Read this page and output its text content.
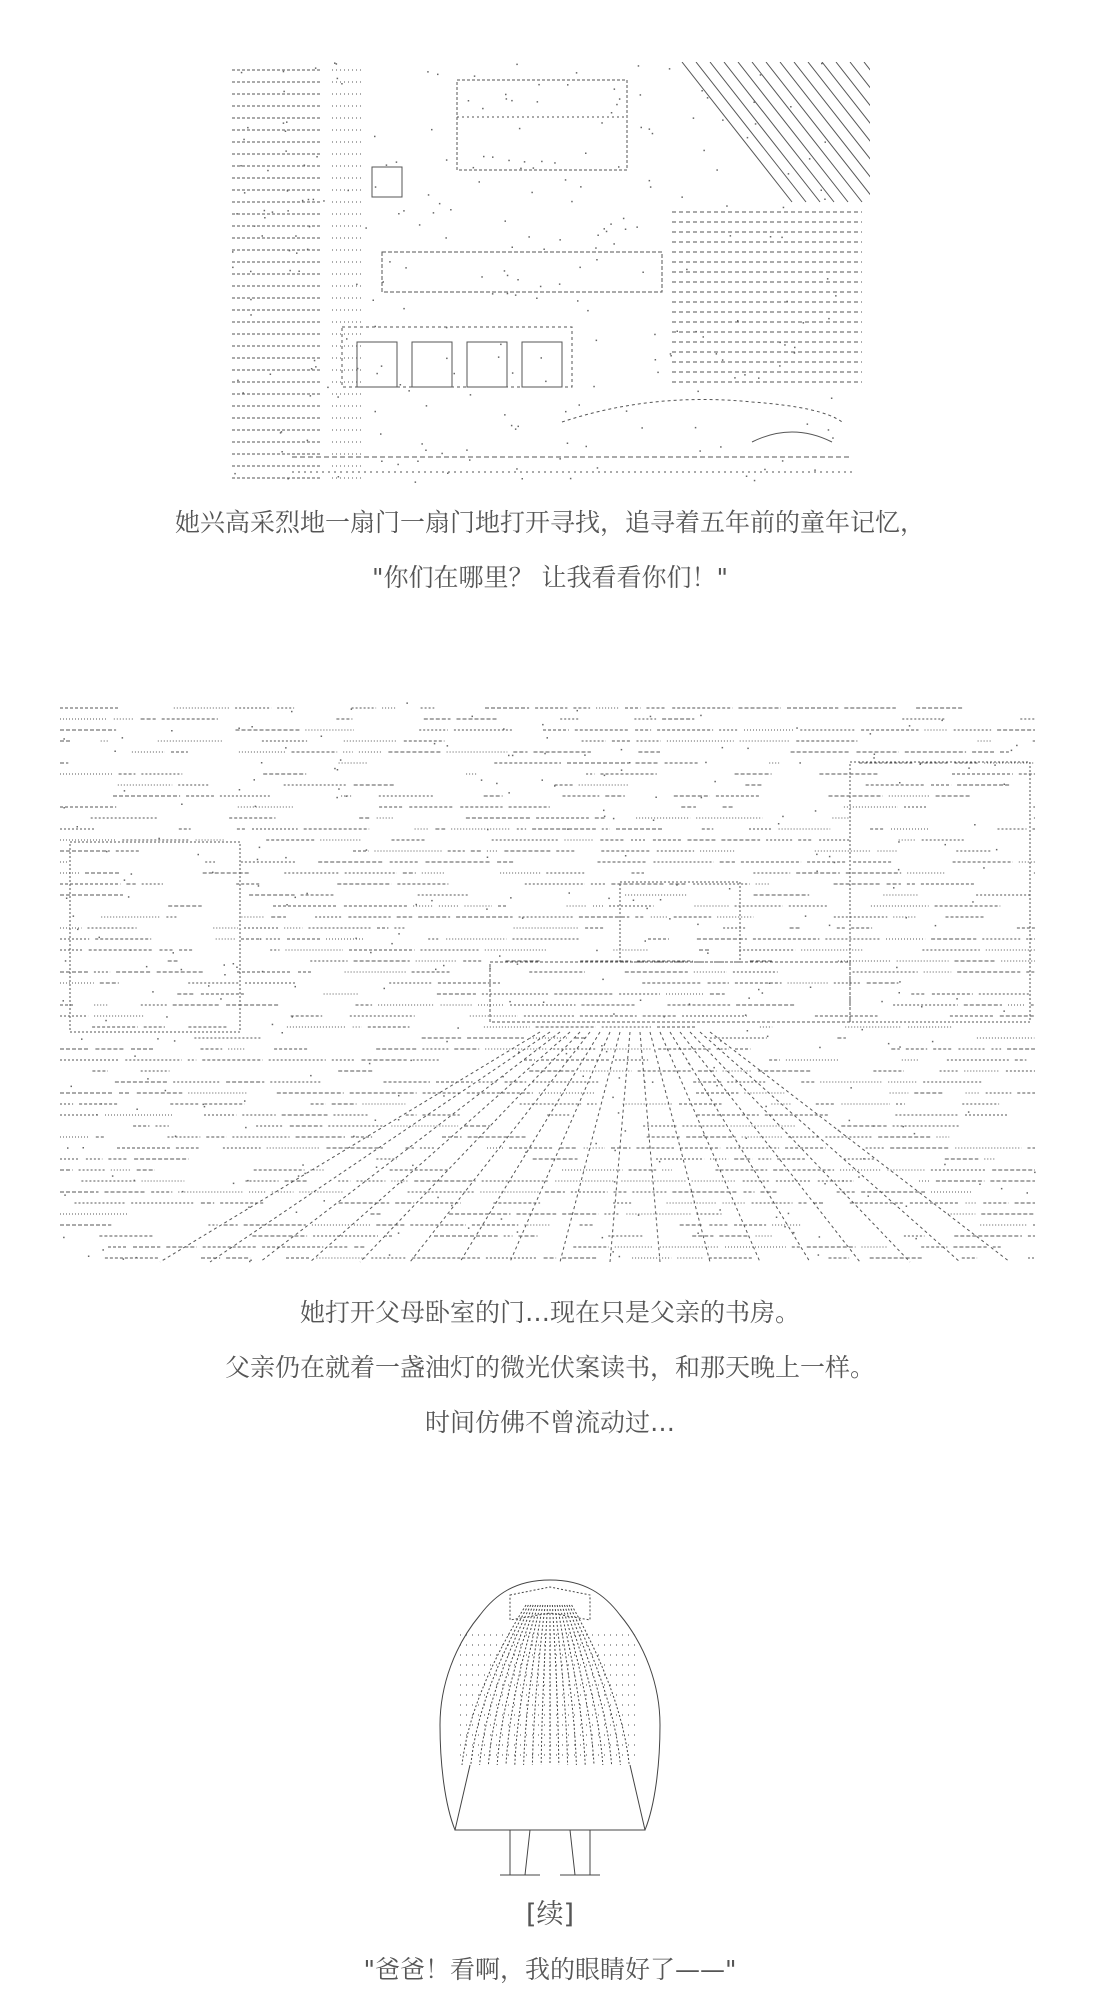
她兴高采烈地一扇门一扇门地打开寻找，追寻着五年前的童年记忆，

"你们在哪里？ 让我看看你们！"

她打开父母卧室的门…现在只是父亲的书房。

父亲仍在就着一盏油灯的微光伏案读书，和那天晚上一样。

时间仿佛不曾流动过…

[续]

"爸爸！看啊，我的眼睛好了——"
